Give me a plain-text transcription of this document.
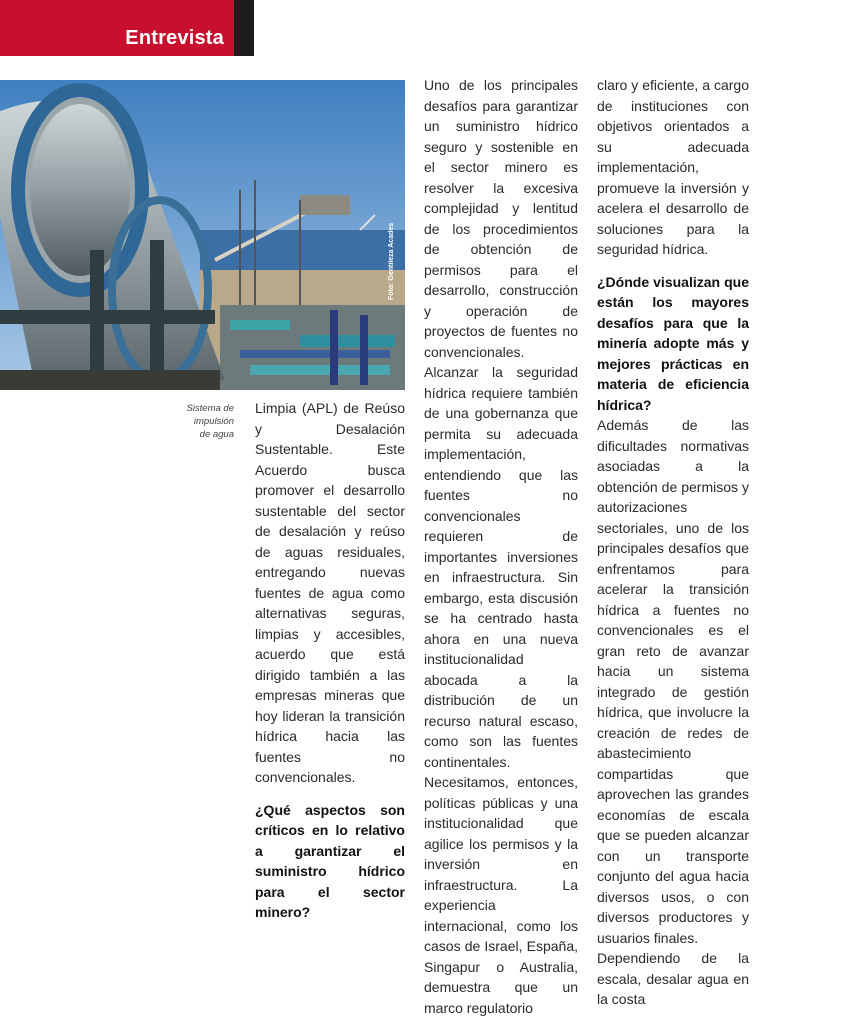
Entrevista
Foto: Gentileza Acades
Sistema de impulsión
de agua

Limpia (APL) de Reúso y Desalación Sustentable. Este Acuerdo busca promover el desarrollo sustentable del sector de desalación y reúso de aguas residuales, entregando nuevas fuentes de agua como alternativas seguras, limpias y accesibles, acuerdo que está dirigido también a las empresas mineras que hoy lideran la transición hídrica hacia las fuentes no convencionales.

¿Qué aspectos son críticos en lo relativo a garantizar el suministro hídrico para el sector minero?

Uno de los principales desafíos para garantizar un suministro hídrico seguro y sostenible en el sector minero es resolver la excesiva complejidad y lentitud de los procedimientos de obtención de permisos para el desarrollo, construcción y operación de proyectos de fuentes no convencionales.

Alcanzar la seguridad hídrica requiere también de una gobernanza que permita su adecuada implementación, entendiendo que las fuentes no convencionales requieren de importantes inversiones en infraestructura. Sin embargo, esta discusión se ha centrado hasta ahora en una nueva institucionalidad abocada a la distribución de un recurso natural escaso, como son las fuentes continentales.

Necesitamos, entonces, políticas públicas y una institucionalidad que agilice los permisos y la inversión en infraestructura. La experiencia internacional, como los casos de Israel, España, Singapur o Australia, demuestra que un marco regulatorio

claro y eficiente, a cargo de instituciones con objetivos orientados a su adecuada implementación, promueve la inversión y acelera el desarrollo de soluciones para la seguridad hídrica.

¿Dónde visualizan que están los mayores desafíos para que la minería adopte más y mejores prácticas en materia de eficiencia hídrica?

Además de las dificultades normativas asociadas a la obtención de permisos y autorizaciones sectoriales, uno de los principales desafíos que enfrentamos para acelerar la transición hídrica a fuentes no convencionales es el gran reto de avanzar hacia un sistema integrado de gestión hídrica, que involucre la creación de redes de abastecimiento compartidas que aprovechen las grandes economías de escala que se pueden alcanzar con un transporte conjunto del agua hacia diversos usos, o con diversos productores y usuarios finales.

Dependiendo de la escala, desalar agua en la costa
